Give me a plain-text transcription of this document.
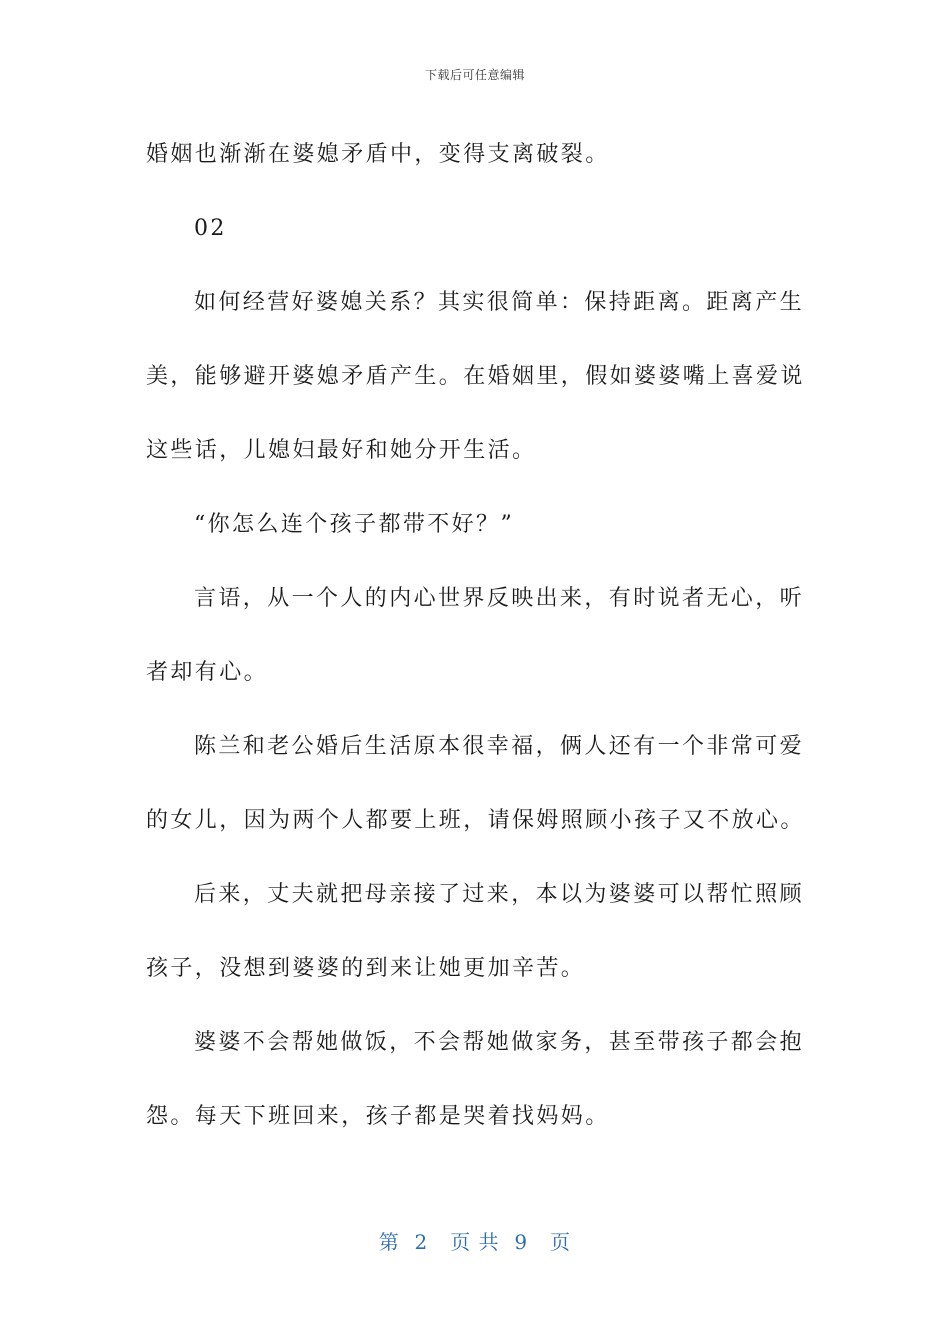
下载后可任意编辑

婚姻也渐渐在婆媳矛盾中，变得支离破裂。

02

如何经营好婆媳关系？其实很简单：保持距离。距离产生美，能够避开婆媳矛盾产生。在婚姻里，假如婆婆嘴上喜爱说这些话，儿媳妇最好和她分开生活。

“你怎么连个孩子都带不好？”

言语，从一个人的内心世界反映出来，有时说者无心，听者却有心。

陈兰和老公婚后生活原本很幸福，俩人还有一个非常可爱的女儿，因为两个人都要上班，请保姆照顾小孩子又不放心。

后来，丈夫就把母亲接了过来，本以为婆婆可以帮忙照顾孩子，没想到婆婆的到来让她更加辛苦。

婆婆不会帮她做饭，不会帮她做家务，甚至带孩子都会抱怨。每天下班回来，孩子都是哭着找妈妈。

第  2   页 共  9   页
